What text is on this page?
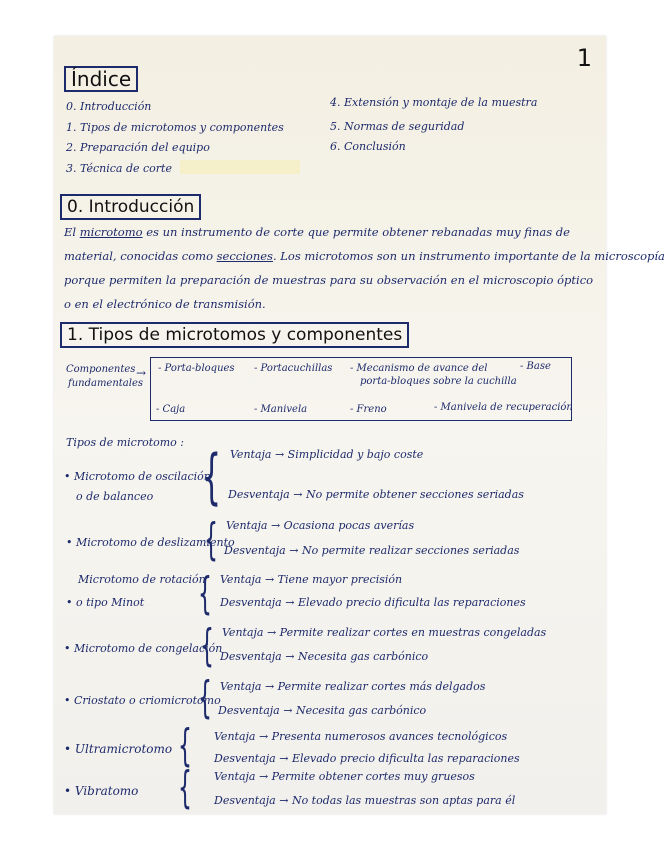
1
Índice
0. Introducción
1. Tipos de microtomos y componentes
2. Preparación del equipo
3. Técnica de corte
4. Extensión y montaje de la muestra
5. Normas de seguridad
6. Conclusión
0. Introducción
El microtomo es un instrumento de corte que permite obtener rebanadas muy finas de
material, conocidas como secciones. Los microtomos son un instrumento importante de la microscopía
porque permiten la preparación de muestras para su observación en el microscopio óptico
o en el electrónico de transmisión.
1. Tipos de microtomos y componentes
Componentes
fundamentales
→ - Porta-bloques - Portacuchillas - Mecanismo de avance del
porta-bloques sobre la cuchilla
- Base
- Caja	- Manivela	- Freno	- Manivela de recuperación
Tipos de microtomo :
• Microtomo de oscilación
o de balanceo { Ventaja → Simplicidad y bajo coste
Desventaja → No permite obtener secciones seriadas
• Microtomo de deslizamiento
{ Ventaja → Ocasiona pocas averías
Desventaja → No permite realizar secciones seriadas
Microtomo de rotación
• o tipo Minot { Ventaja → Tiene mayor precisión
Desventaja → Elevado precio dificulta las reparaciones
• Microtomo de congelación
{ Ventaja → Permite realizar cortes en muestras congeladas
Desventaja → Necesita gas carbónico
• Criostato o criomicrotomo
{ Ventaja → Permite realizar cortes más delgados
Desventaja → Necesita gas carbónico
• Ultramicrotomo { Ventaja → Presenta numerosos avances tecnológicos
Desventaja → Elevado precio dificulta las reparaciones
• Vibratomo { Ventaja → Permite obtener cortes muy gruesos
Desventaja → No todas las muestras son aptas para él
